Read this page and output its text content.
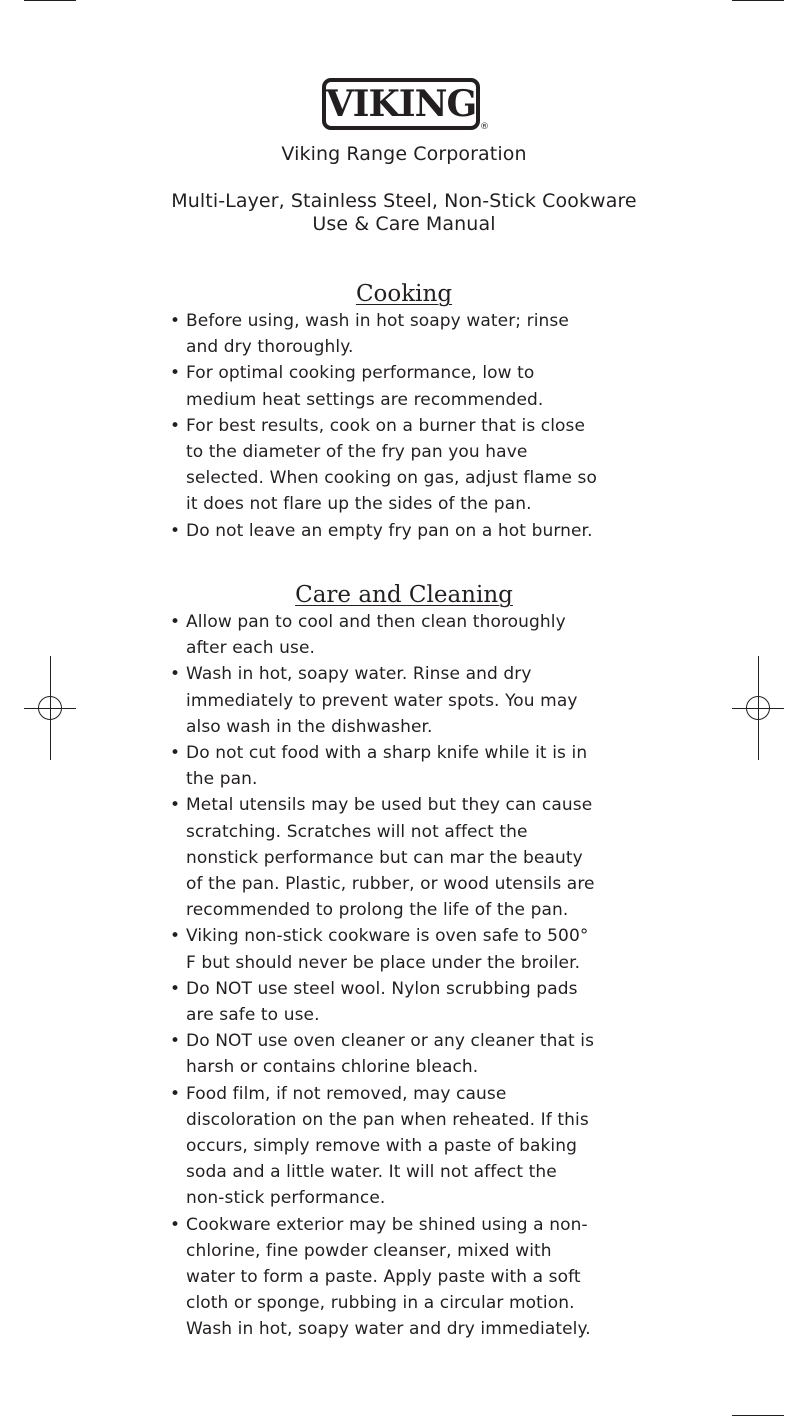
VIKING
®
Viking Range Corporation
Multi-Layer, Stainless Steel, Non-Stick Cookware
Use & Care Manual
Cooking
• Before using, wash in hot soapy water; rinse and dry thoroughly.
• For optimal cooking performance, low to medium heat settings are recommended.
• For best results, cook on a burner that is close to the diameter of the fry pan you have selected. When cooking on gas, adjust flame so it does not flare up the sides of the pan.
• Do not leave an empty fry pan on a hot burner.
Care and Cleaning
• Allow pan to cool and then clean thoroughly after each use.
• Wash in hot, soapy water. Rinse and dry immediately to prevent water spots. You may also wash in the dishwasher.
• Do not cut food with a sharp knife while it is in the pan.
• Metal utensils may be used but they can cause scratching. Scratches will not affect the nonstick performance but can mar the beauty of the pan. Plastic, rubber, or wood utensils are recommended to prolong the life of the pan.
• Viking non-stick cookware is oven safe to 500° F but should never be place under the broiler.
• Do NOT use steel wool. Nylon scrubbing pads are safe to use.
• Do NOT use oven cleaner or any cleaner that is harsh or contains chlorine bleach.
• Food film, if not removed, may cause discoloration on the pan when reheated. If this occurs, simply remove with a paste of baking soda and a little water. It will not affect the non-stick performance.
• Cookware exterior may be shined using a non-chlorine, fine powder cleanser, mixed with water to form a paste. Apply paste with a soft cloth or sponge, rubbing in a circular motion. Wash in hot, soapy water and dry immediately.
